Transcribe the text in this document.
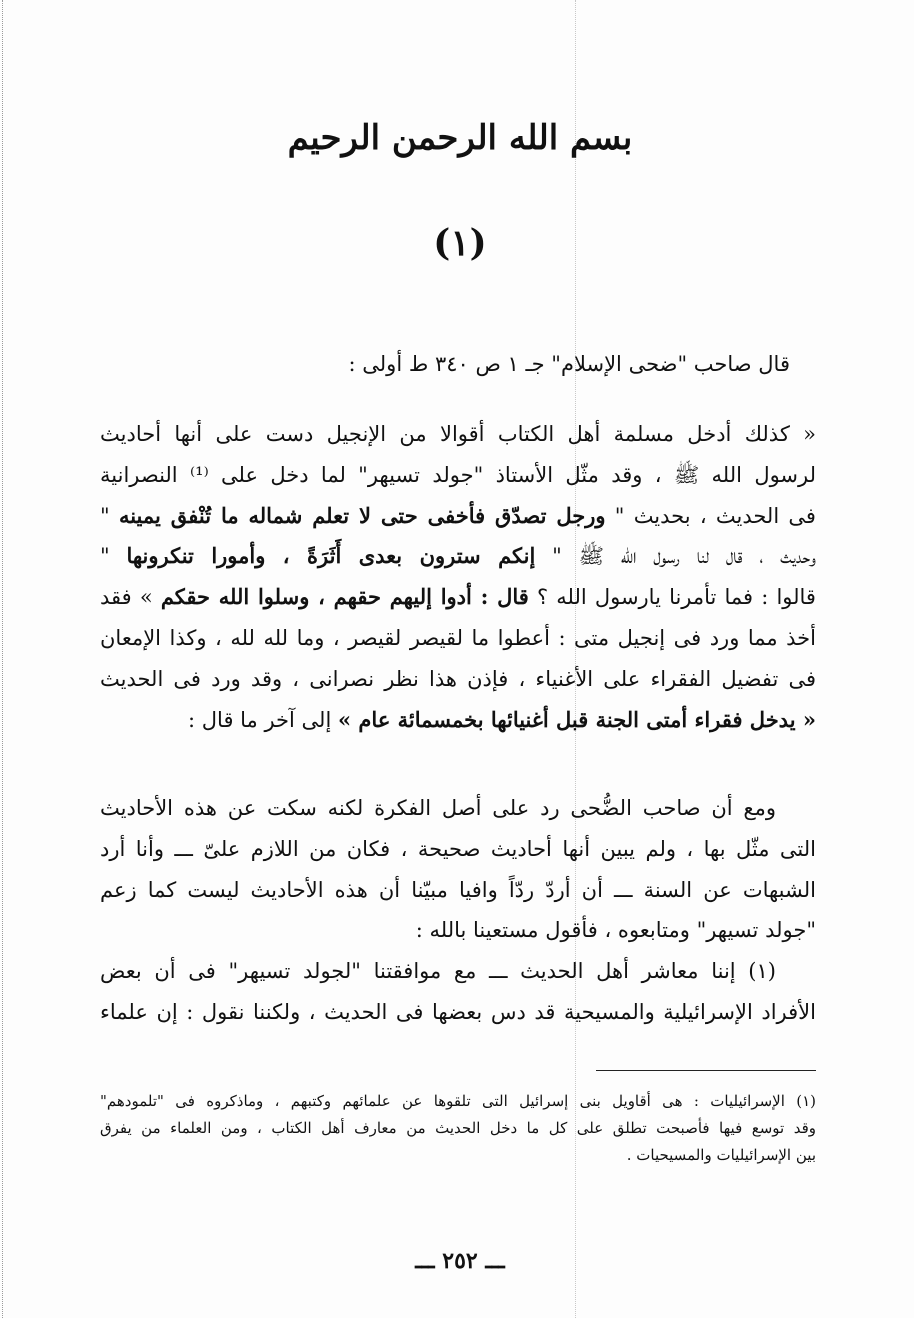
بسم الله الرحمن الرحيم
(١)
قال صاحب "ضحى الإسلام" جـ ١ ص ٣٤٠ ط أولى :
« كذلك أدخل مسلمة أهل الكتاب أقوالا من الإنجيل دست على أنها أحاديث
لرسول الله ﷺ ، وقد مثّل الأستاذ "جولد تسيهر" لما دخل على ⁽¹⁾ النصرانية
فى الحديث ، بحديث " ورجل تصدّق فأخفى حتى لا تعلم شماله ما تُنْفق يمينه "
وحديث ، قال لنا رسول الله ﷺ " إنكم سترون بعدى أَثَرَةً ، وأمورا تنكرونها "
قالوا : فما تأمرنا يارسول الله ؟ قال : أدوا إليهم حقهم ، وسلوا الله حقكم » فقد
أخذ مما ورد فى إنجيل متى : أعطوا ما لقيصر لقيصر ، وما لله لله ، وكذا الإمعان
فى تفضيل الفقراء على الأغنياء ، فإذن هذا نظر نصرانى ، وقد ورد فى الحديث
« يدخل فقراء أمتى الجنة قبل أغنيائها بخمسمائة عام » إلى آخر ما قال :
ومع أن صاحب الضُّحى رد على أصل الفكرة لكنه سكت عن هذه الأحاديث
التى مثّل بها ، ولم يبين أنها أحاديث صحيحة ، فكان من اللازم علىّ ـــ وأنا أرد
الشبهات عن السنة ـــ أن أردّ ردّاً وافيا مبيّنا أن هذه الأحاديث ليست كما زعم
"جولد تسيهر" ومتابعوه ، فأقول مستعينا بالله :
(١) إننا معاشر أهل الحديث ـــ مع موافقتنا "لجولد تسيهر" فى أن بعض
الأفراد الإسرائيلية والمسيحية قد دس بعضها فى الحديث ، ولكننا نقول : إن علماء
(١) الإسرائيليات : هى أقاويل بنى إسرائيل التى تلقوها عن علمائهم وكتبهم ، وماذكروه فى "تلمودهم"
وقد توسع فيها فأصبحت تطلق على كل ما دخل الحديث من معارف أهل الكتاب ، ومن العلماء من يفرق
بين الإسرائيليات والمسيحيات .
ـــ ٢٥٢ ـــ
